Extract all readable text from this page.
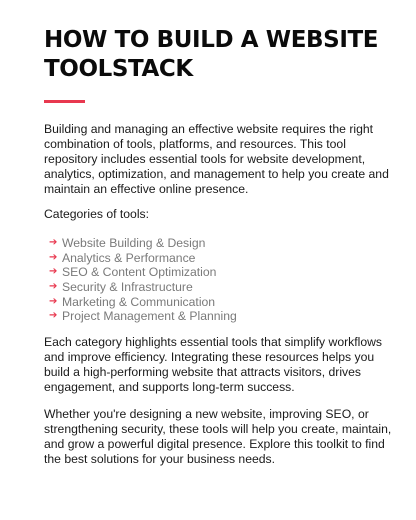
HOW TO BUILD A WEBSITE
TOOLSTACK

Building and managing an effective website requires the right
combination of tools, platforms, and resources. This tool
repository includes essential tools for website development,
analytics, optimization, and management to help you create and
maintain an effective online presence.

Categories of tools:

➔ Website Building & Design
➔ Analytics & Performance
➔ SEO & Content Optimization
➔ Security & Infrastructure
➔ Marketing & Communication
➔ Project Management & Planning

Each category highlights essential tools that simplify workflows
and improve efficiency. Integrating these resources helps you
build a high-performing website that attracts visitors, drives
engagement, and supports long-term success.

Whether you're designing a new website, improving SEO, or
strengthening security, these tools will help you create, maintain,
and grow a powerful digital presence. Explore this toolkit to find
the best solutions for your business needs.
